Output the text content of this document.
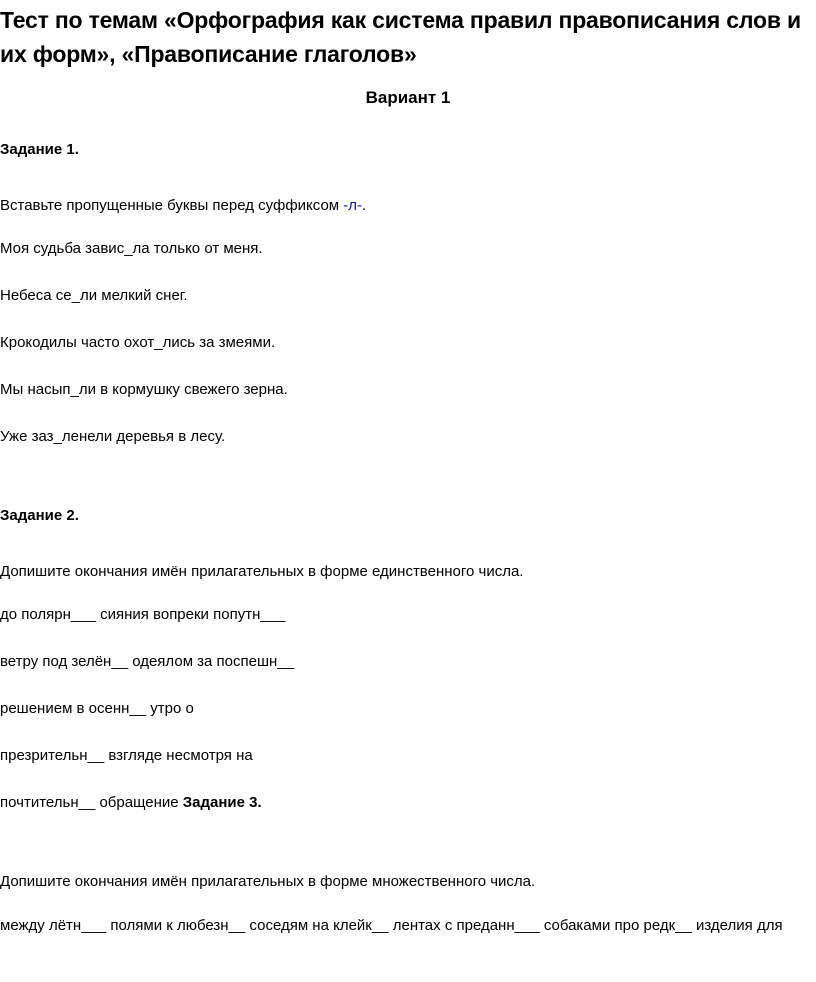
Тест по темам «Орфография как система правил правописания слов и
их форм», «Правописание глаголов»
Вариант 1
Задание 1.
Вставьте пропущенные буквы перед суффиксом -л-.
Моя судьба завис_ла только от меня.
Небеса се_ли мелкий снег.
Крокодилы часто охот_лись за змеями.
Мы насып_ли в кормушку свежего зерна.
Уже заз_ленели деревья в лесу.
Задание 2.
Допишите окончания имён прилагательных в форме единственного числа.
до полярн___ сияния вопреки попутн___
ветру под зелён__ одеялом за поспешн__
решением в осенн__ утро о
презрительн__ взгляде несмотря на
почтительн__ обращение Задание 3.
Допишите окончания имён прилагательных в форме множественного числа.
между лётн___ полями к любезн__ соседям на клейк__ лентах с преданн___ собаками про редк__ изделия для
